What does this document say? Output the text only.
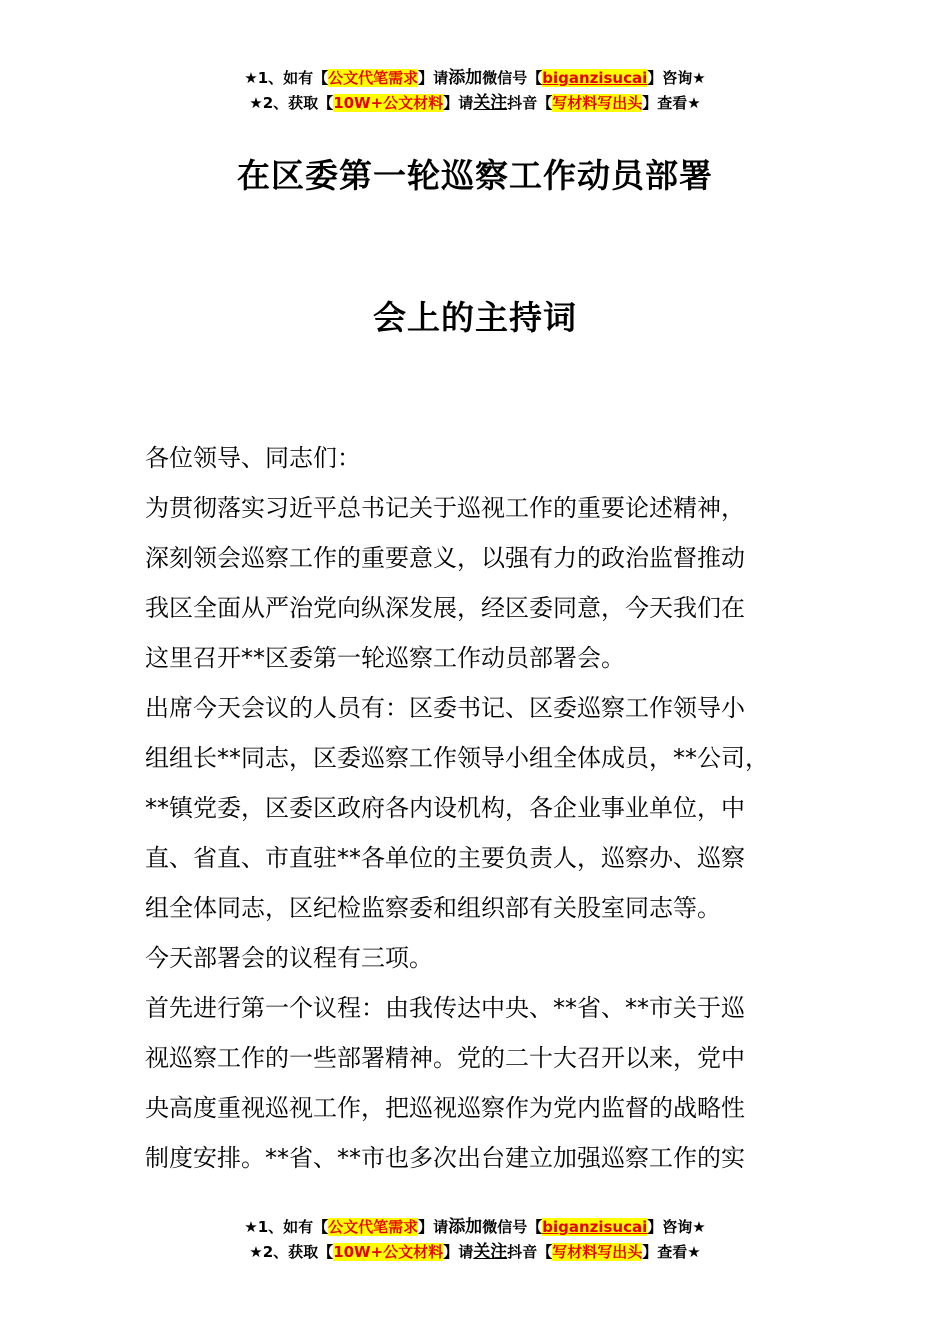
★1、如有【公文代笔需求】请添加微信号【biganzisucai】咨询★
★2、获取【10W+公文材料】请关注抖音【写材料写出头】查看★
在区委第一轮巡察工作动员部署
会上的主持词

各位领导、同志们：

为贯彻落实习近平总书记关于巡视工作的重要论述精神，

深刻领会巡察工作的重要意义，以强有力的政治监督推动

我区全面从严治党向纵深发展，经区委同意，今天我们在

这里召开**区委第一轮巡察工作动员部署会。

出席今天会议的人员有：区委书记、区委巡察工作领导小

组组长**同志，区委巡察工作领导小组全体成员，**公司，

**镇党委，区委区政府各内设机构，各企业事业单位，中

直、省直、市直驻**各单位的主要负责人，巡察办、巡察

组全体同志，区纪检监察委和组织部有关股室同志等。

今天部署会的议程有三项。

首先进行第一个议程：由我传达中央、**省、**市关于巡

视巡察工作的一些部署精神。党的二十大召开以来，党中

央高度重视巡视工作，把巡视巡察作为党内监督的战略性

制度安排。**省、**市也多次出台建立加强巡察工作的实

★1、如有【公文代笔需求】请添加微信号【biganzisucai】咨询★
★2、获取【10W+公文材料】请关注抖音【写材料写出头】查看★
